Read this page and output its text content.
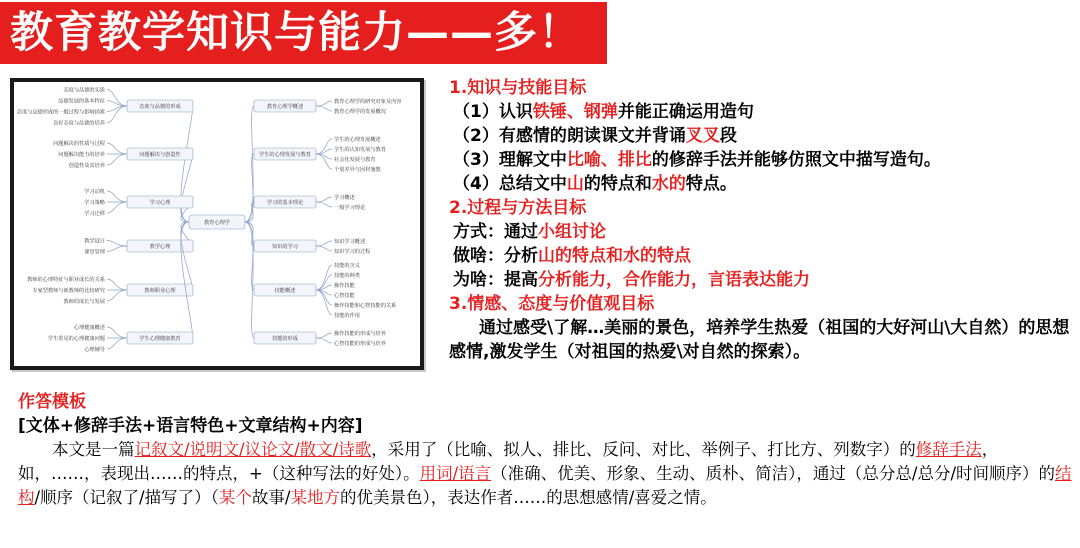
教育教学知识与能力——多！
教育心理学
态度与品德的形成
态度与品德的实质
品德发展的基本特征
态度与品德形成的一般过程与影响因素
良好态度与品德的培养
问题解决与创造性
问题解决的性质与过程
问题解决能力的培养
创造性及其培养
学习心理
学习动机
学习策略
学习迁移
教学心理
教学设计
课堂管理
教师职业心理
教师的心理特征与职业成长的关系
专家型教师与新教师的比较研究
教师的成长与发展
学生心理健康教育
心理健康概述
学生常见的心理健康问题
心理辅导
教育心理学概述
教育心理学的研究对象及内容
教育心理学的发展概况
学生的心理发展与教育
学生的心理发展概述
学生的认知发展与教育
社会化发展与教育
个别差异与因材施教
学习的基本理论
学习概述
一般学习理论
知识的学习
知识学习概述
知识学习的过程
技能概述
技能的含义
技能的种类
操作技能
心智技能
操作技能和心智技能的关系
技能的作用
技能的形成
操作技能的形成与培养
心智技能的形成与培养
1.知识与技能目标
（1）认识铁锤、钢弹并能正确运用造句
（2）有感情的朗读课文并背诵叉叉段
（3）理解文中比喻、排比的修辞手法并能够仿照文中描写造句。
（4）总结文中山的特点和水的特点。
2.过程与方法目标
方式：通过小组讨论
做啥：分析山的特点和水的特点
为啥：提高分析能力，合作能力，言语表达能力
3.情感、态度与价值观目标
通过感受\了解…美丽的景色，培养学生热爱（祖国的大好河山\大自然）的思想感情,激发学生（对祖国的热爱\对自然的探索）。
作答模板
[文体+修辞手法+语言特色+文章结构+内容]
本文是一篇记叙文/说明文/议论文/散文/诗歌，采用了（比喻、拟人、排比、反问、对比、举例子、打比方、列数字）的修辞手法，如，……，表现出……的特点，+（这种写法的好处）。用词/语言（准确、优美、形象、生动、质朴、简洁），通过（总分总/总分/时间顺序）的结构/顺序（记叙了/描写了）（某个故事/某地方的优美景色），表达作者……的思想感情/喜爱之情。
